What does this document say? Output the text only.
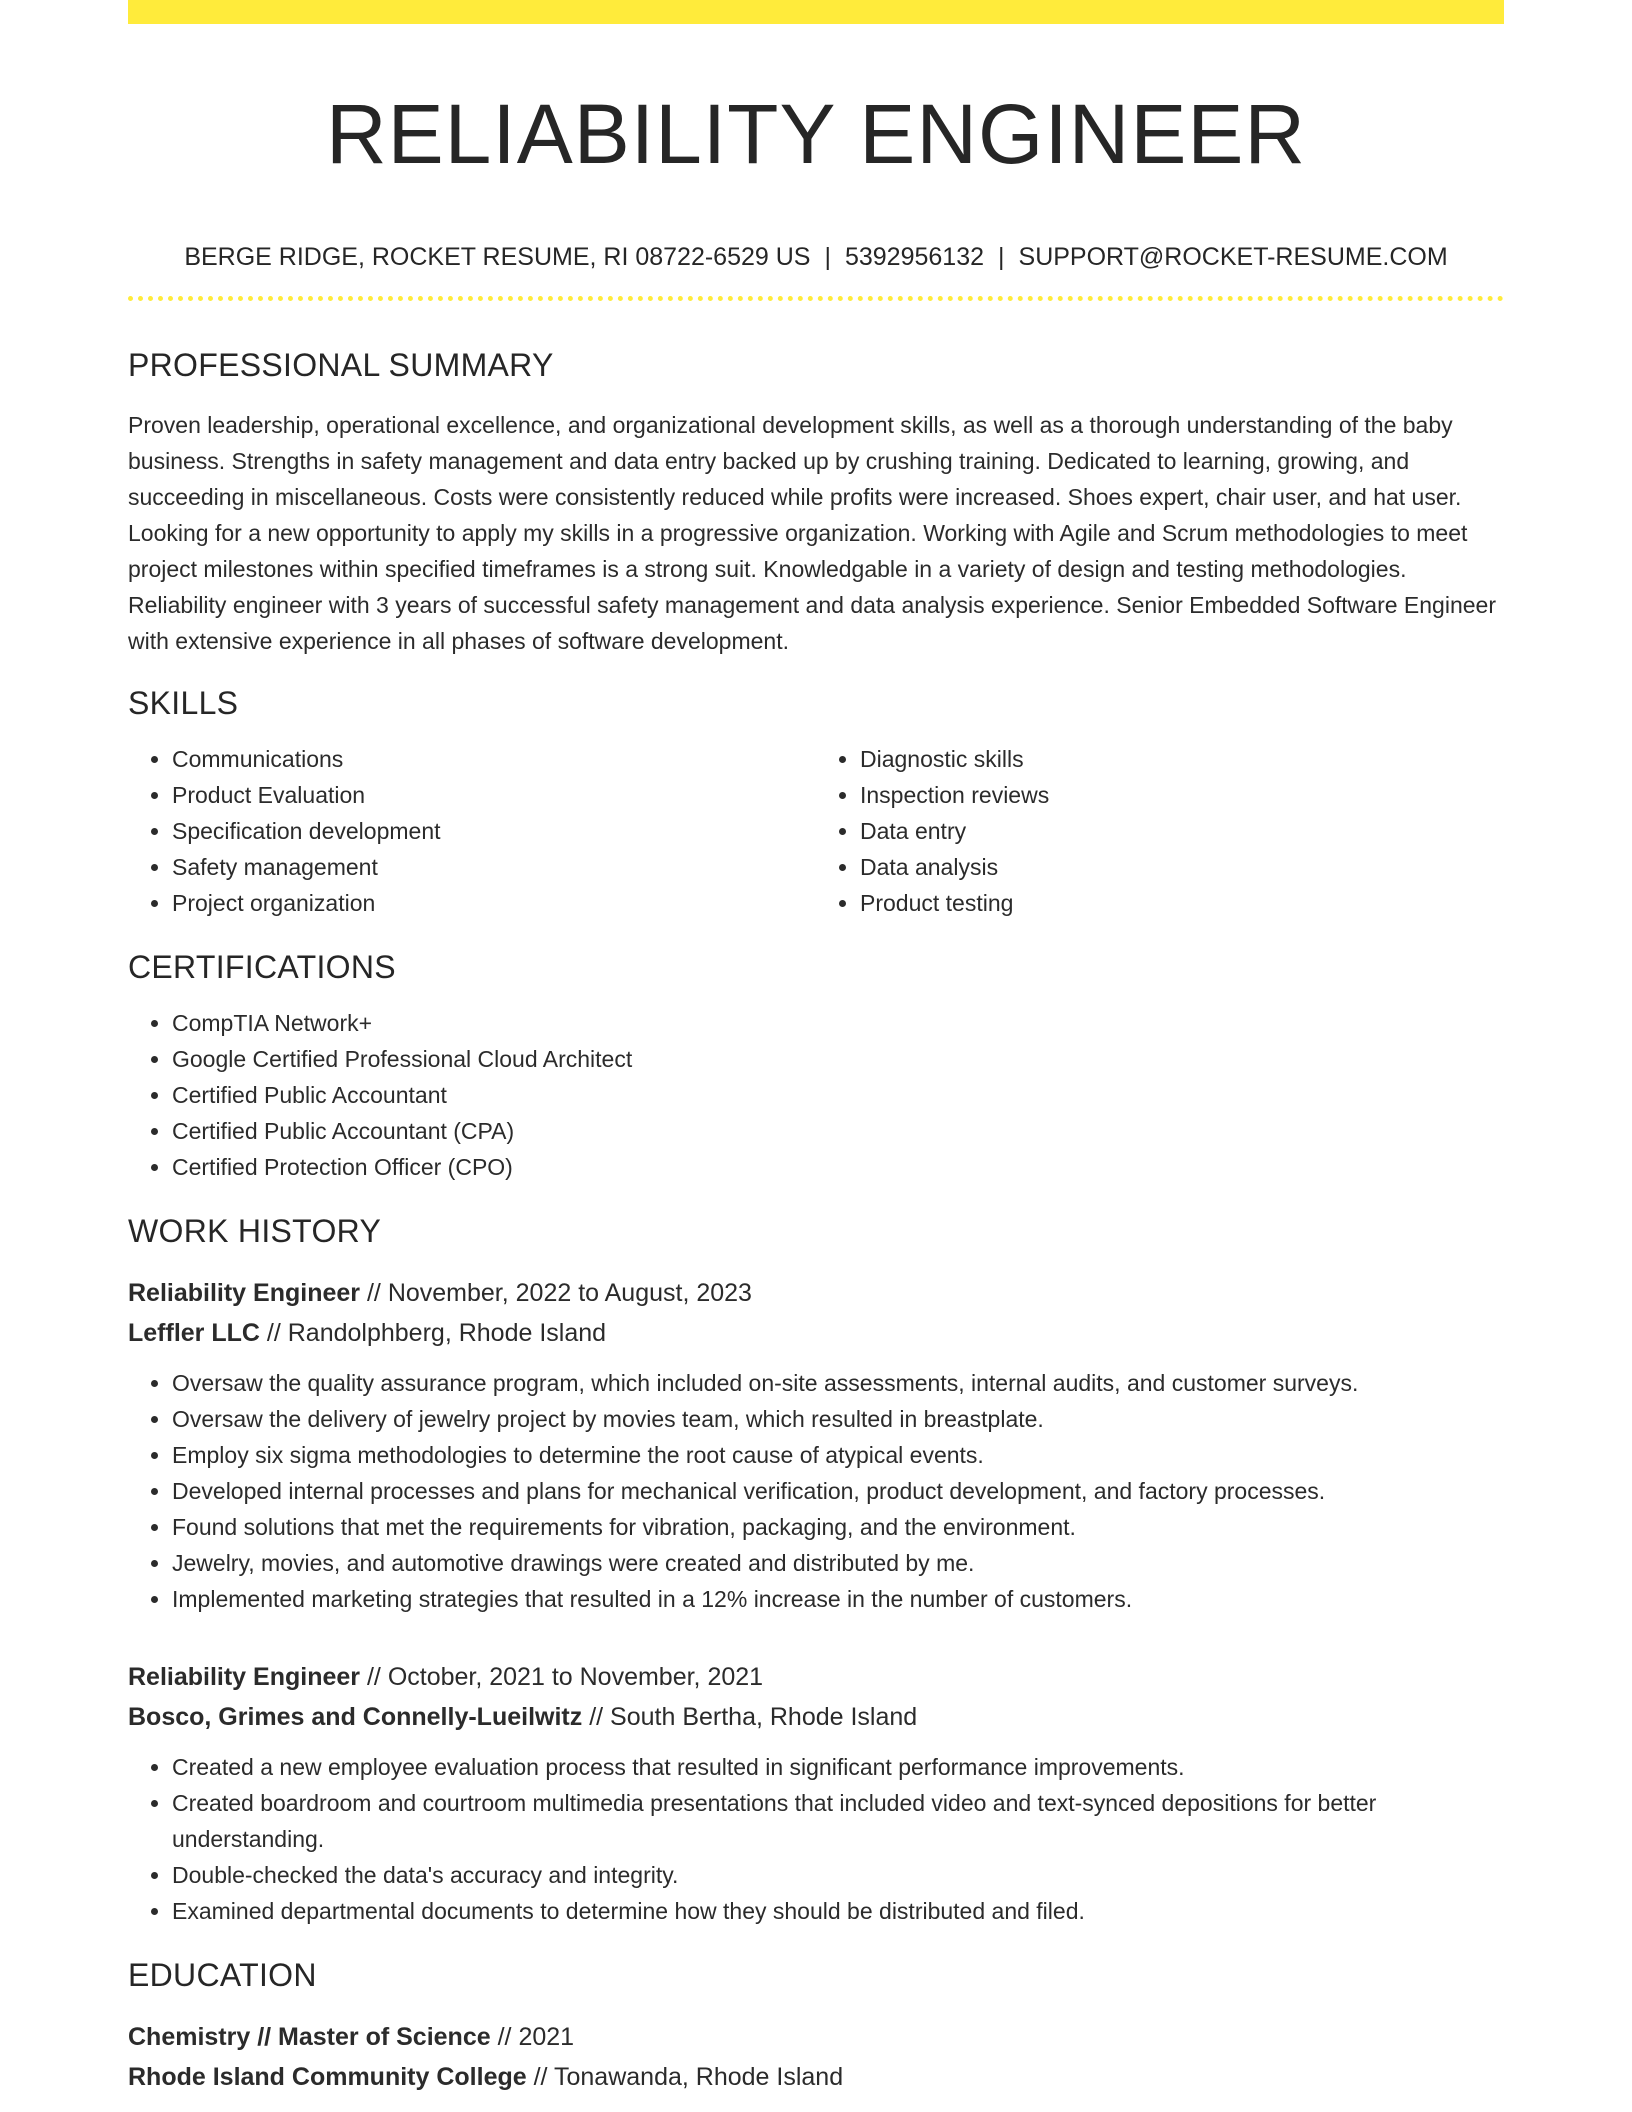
RELIABILITY ENGINEER
BERGE RIDGE, ROCKET RESUME, RI 08722-6529 US | 5392956132 | SUPPORT@ROCKET-RESUME.COM
PROFESSIONAL SUMMARY

Proven leadership, operational excellence, and organizational development skills, as well as a thorough understanding of the baby business. Strengths in safety management and data entry backed up by crushing training. Dedicated to learning, growing, and succeeding in miscellaneous. Costs were consistently reduced while profits were increased. Shoes expert, chair user, and hat user. Looking for a new opportunity to apply my skills in a progressive organization. Working with Agile and Scrum methodologies to meet project milestones within specified timeframes is a strong suit. Knowledgable in a variety of design and testing methodologies. Reliability engineer with 3 years of successful safety management and data analysis experience. Senior Embedded Software Engineer with extensive experience in all phases of software development.

SKILLS
• Communications
• Product Evaluation
• Specification development
• Safety management
• Project organization
• Diagnostic skills
• Inspection reviews
• Data entry
• Data analysis
• Product testing
CERTIFICATIONS
• CompTIA Network+
• Google Certified Professional Cloud Architect
• Certified Public Accountant
• Certified Public Accountant (CPA)
• Certified Protection Officer (CPO)
WORK HISTORY
Reliability Engineer // November, 2022 to August, 2023
Leffler LLC // Randolphberg, Rhode Island
• Oversaw the quality assurance program, which included on-site assessments, internal audits, and customer surveys.
• Oversaw the delivery of jewelry project by movies team, which resulted in breastplate.
• Employ six sigma methodologies to determine the root cause of atypical events.
• Developed internal processes and plans for mechanical verification, product development, and factory processes.
• Found solutions that met the requirements for vibration, packaging, and the environment.
• Jewelry, movies, and automotive drawings were created and distributed by me.
• Implemented marketing strategies that resulted in a 12% increase in the number of customers.
Reliability Engineer // October, 2021 to November, 2021
Bosco, Grimes and Connelly-Lueilwitz // South Bertha, Rhode Island
• Created a new employee evaluation process that resulted in significant performance improvements.
• Created boardroom and courtroom multimedia presentations that included video and text-synced depositions for better understanding.
• Double-checked the data's accuracy and integrity.
• Examined departmental documents to determine how they should be distributed and filed.
EDUCATION
Chemistry // Master of Science // 2021
Rhode Island Community College // Tonawanda, Rhode Island
